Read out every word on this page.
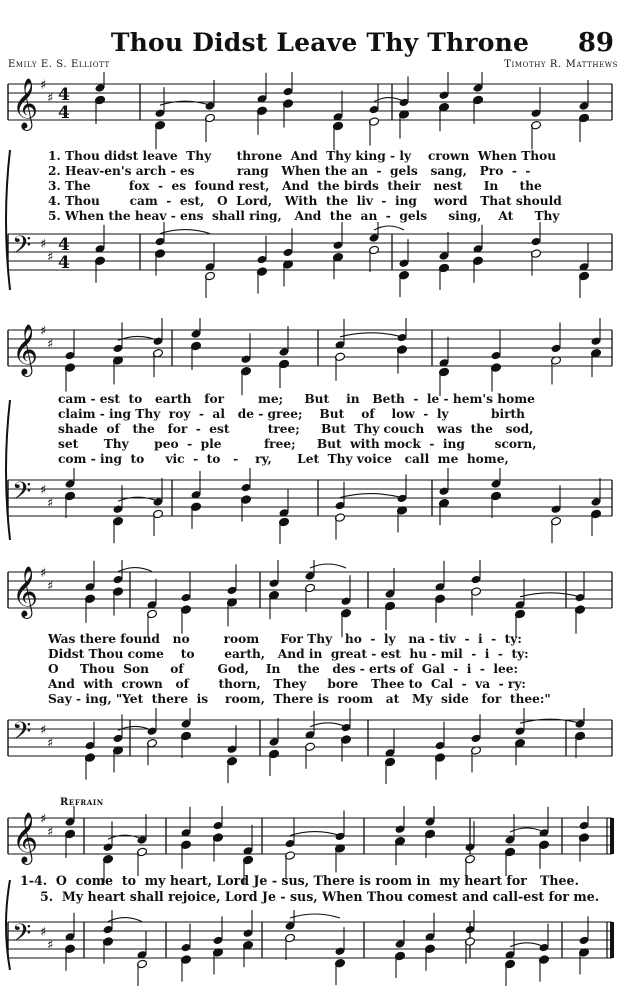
Thou Didst Leave Thy Throne	89
Emily E. S. Elliott	Timothy R. Matthews
𝄞 ♯
♯ 4
4
1. Thou didst leave  Thy      throne  And  Thy king - ly    crown  When Thou
2. Heav-en's arch - es          rang   When the an  -  gels   sang,   Pro  -  -
3. The         fox  -  es  found rest,   And  the birds  their   nest     In     the
4. Thou       cam  -  est,   O  Lord,   With  the  liv  -  ing    word   That should
5. When the heav - ens  shall ring,   And  the  an  -  gels     sing,    At     Thy
𝄢 ♯
♯
4
4
𝄞 ♯
♯
cam - est  to   earth   for        me;     But    in   Beth  -  le - hem's home
claim - ing Thy  roy  -  al   de - gree;    But    of    low  -  ly          birth
shade  of   the   for  -  est         tree;     But  Thy couch   was  the   sod,
set      Thy      peo  -  ple          free;     But  with mock  -  ing       scorn,
com - ing  to     vic  -  to   -    ry,      Let  Thy voice   call  me  home,
𝄢 ♯
♯
𝄞 ♯
♯
Was there found   no        room     For Thy   ho  -  ly   na - tiv  -  i  -  ty:
Didst Thou come    to       earth,   And in  great - est  hu - mil  -  i  -  ty:
O     Thou  Son     of        God,    In    the   des - erts of  Gal  -  i  -  lee:
And  with  crown   of       thorn,   They     bore   Thee to  Cal  -  va  - ry:
Say - ing, "Yet  there  is    room,  There is  room   at   My  side   for  thee:"
𝄢 ♯
♯
Refrain
𝄞 ♯
♯
1-4.  O  come  to  my heart, Lord Je - sus, There is room in  my heart for   Thee.
5.  My heart shall rejoice, Lord Je - sus, When Thou comest and call-est for me.
𝄢 ♯
♯
